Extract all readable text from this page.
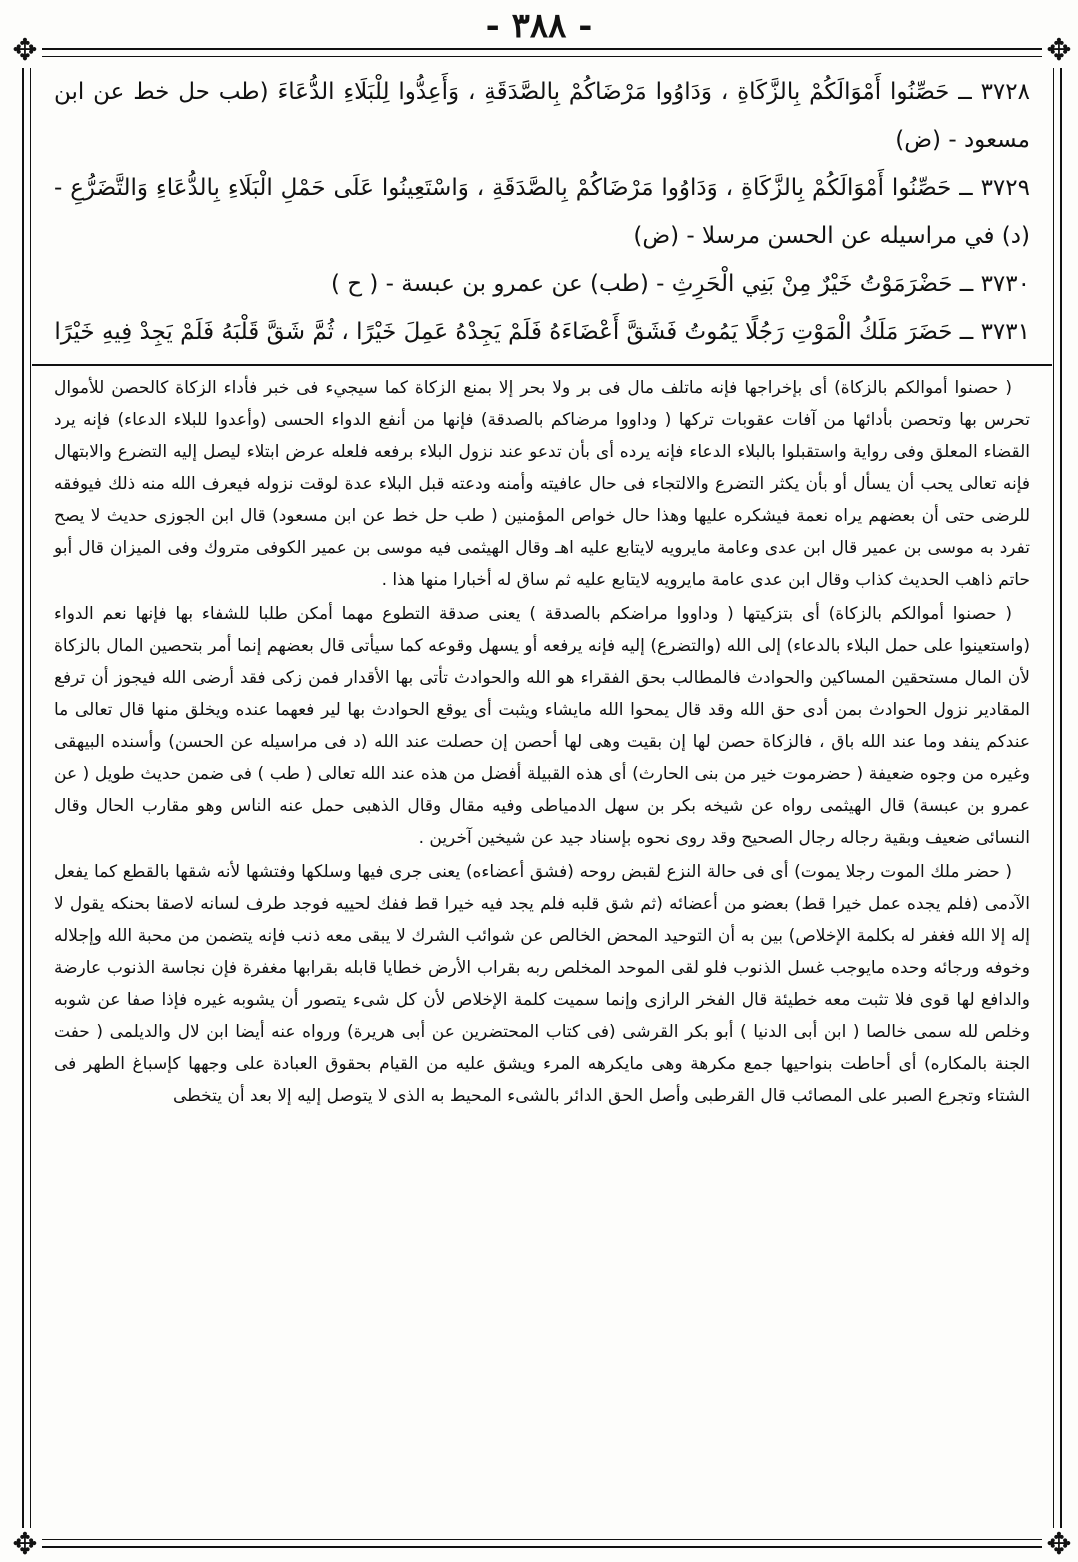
- ٣٨٨ -
✥	✥
✥	✥

٣٧٢٨ ــ حَصِّنُوا أَمْوَالَكُمْ بِالزَّكَاةِ ، وَدَاوُوا مَرْضَاكُمْ بِالصَّدَقَةِ ، وَأَعِدُّوا لِلْبَلَاءِ الدُّعَاءَ (طب حل خط عن ابن مسعود - (ض)

٣٧٢٩ ــ حَصِّنُوا أَمْوَالَكُمْ بِالزَّكَاةِ ، وَدَاوُوا مَرْضَاكُمْ بِالصَّدَقَةِ ، وَاسْتَعِينُوا عَلَى حَمْلِ الْبَلَاءِ بِالدُّعَاءِ وَالتَّضَرُّعِ - (د) في مراسيله عن الحسن مرسلا - (ض)

٣٧٣٠ ــ حَضْرَمَوْتُ خَيْرٌ مِنْ بَنِي الْحَرِثِ - (طب) عن عمرو بن عبسة - ( ح )

٣٧٣١ ــ حَضَرَ مَلَكُ الْمَوْتِ رَجُلًا يَمُوتُ فَشَقَّ أَعْضَاءَهُ فَلَمْ يَجِدْهُ عَمِلَ خَيْرًا ، ثُمَّ شَقَّ قَلْبَهُ فَلَمْ يَجِدْ فِيهِ خَيْرًا

( حصنوا أموالكم بالزكاة) أى بإخراجها فإنه ماتلف مال فى بر ولا بحر إلا بمنع الزكاة كما سيجيء فى خبر فأداء الزكاة كالحصن للأموال تحرس بها وتحصن بأدائها من آفات عقوبات تركها ( وداووا مرضاكم بالصدقة) فإنها من أنفع الدواء الحسى (وأعدوا للبلاء الدعاء) فإنه يرد القضاء المعلق وفى رواية واستقبلوا بالبلاء الدعاء فإنه يرده أى بأن تدعو عند نزول البلاء برفعه فلعله عرض ابتلاء ليصل إليه التضرع والابتهال فإنه تعالى يحب أن يسأل أو بأن يكثر التضرع والالتجاء فى حال عافيته وأمنه ودعته قبل البلاء عدة لوقت نزوله فيعرف الله منه ذلك فيوفقه للرضى حتى أن بعضهم يراه نعمة فيشكره عليها وهذا حال خواص المؤمنين ( طب حل خط عن ابن مسعود) قال ابن الجوزى حديث لا يصح تفرد به موسى بن عمير قال ابن عدى وعامة مايرويه لايتابع عليه اهـ وقال الهيثمى فيه موسى بن عمير الكوفى متروك وفى الميزان قال أبو حاتم ذاهب الحديث كذاب وقال ابن عدى عامة مايرويه لايتابع عليه ثم ساق له أخبارا منها هذا .

( حصنوا أموالكم بالزكاة) أى بتزكيتها ( وداووا مراضكم بالصدقة ) يعنى صدقة التطوع مهما أمكن طلبا للشفاء بها فإنها نعم الدواء (واستعينوا على حمل البلاء بالدعاء) إلى الله (والتضرع) إليه فإنه يرفعه أو يسهل وقوعه كما سيأتى قال بعضهم إنما أمر بتحصين المال بالزكاة لأن المال مستحقين المساكين والحوادث فالمطالب بحق الفقراء هو الله والحوادث تأتى بها الأقدار فمن زكى فقد أرضى الله فيجوز أن ترفع المقادير نزول الحوادث بمن أدى حق الله وقد قال يمحوا الله مايشاء ويثبت أى يوقع الحوادث بها لير فعهما عنده ويخلق منها قال تعالى ما عندكم ينفد وما عند الله باق ، فالزكاة حصن لها إن بقيت وهى لها أحصن إن حصلت عند الله (د فى مراسيله عن الحسن) وأسنده البيهقى وغيره من وجوه ضعيفة ( حضرموت خير من بنى الحارث) أى هذه القبيلة أفضل من هذه عند الله تعالى ( طب ) فى ضمن حديث طويل ( عن عمرو بن عبسة) قال الهيثمى رواه عن شيخه بكر بن سهل الدمياطى وفيه مقال وقال الذهبى حمل عنه الناس وهو مقارب الحال وقال النسائى ضعيف وبقية رجاله رجال الصحيح وقد روى نحوه بإسناد جيد عن شيخين آخرين .

( حضر ملك الموت رجلا يموت) أى فى حالة النزع لقبض روحه (فشق أعضاءه) يعنى جرى فيها وسلكها وفتشها لأنه شقها بالقطع كما يفعل الآدمى (فلم يجده عمل خيرا قط) بعضو من أعضائه (ثم شق قلبه فلم يجد فيه خيرا قط ففك لحييه فوجد طرف لسانه لاصقا بحنكه يقول لا إله إلا الله فغفر له بكلمة الإخلاص) بين به أن التوحيد المحض الخالص عن شوائب الشرك لا يبقى معه ذنب فإنه يتضمن من محبة الله وإجلاله وخوفه ورجائه وحده مايوجب غسل الذنوب فلو لقى الموحد المخلص ربه بقراب الأرض خطايا قابله بقرابها مغفرة فإن نجاسة الذنوب عارضة والدافع لها قوى فلا تثبت معه خطيئة قال الفخر الرازى وإنما سميت كلمة الإخلاص لأن كل شىء يتصور أن يشوبه غيره فإذا صفا عن شوبه وخلص لله سمى خالصا ( ابن أبى الدنيا ) أبو بكر القرشى (فى كتاب المحتضرين عن أبى هريرة) ورواه عنه أيضا ابن لال والديلمى ( حفت الجنة بالمكاره) أى أحاطت بنواحيها جمع مكرهة وهى مايكرهه المرء ويشق عليه من القيام بحقوق العبادة على وجهها كإسباغ الطهر فى الشتاء وتجرع الصبر على المصائب قال القرطبى وأصل الحق الدائر بالشىء المحيط به الذى لا يتوصل إليه إلا بعد أن يتخطى
